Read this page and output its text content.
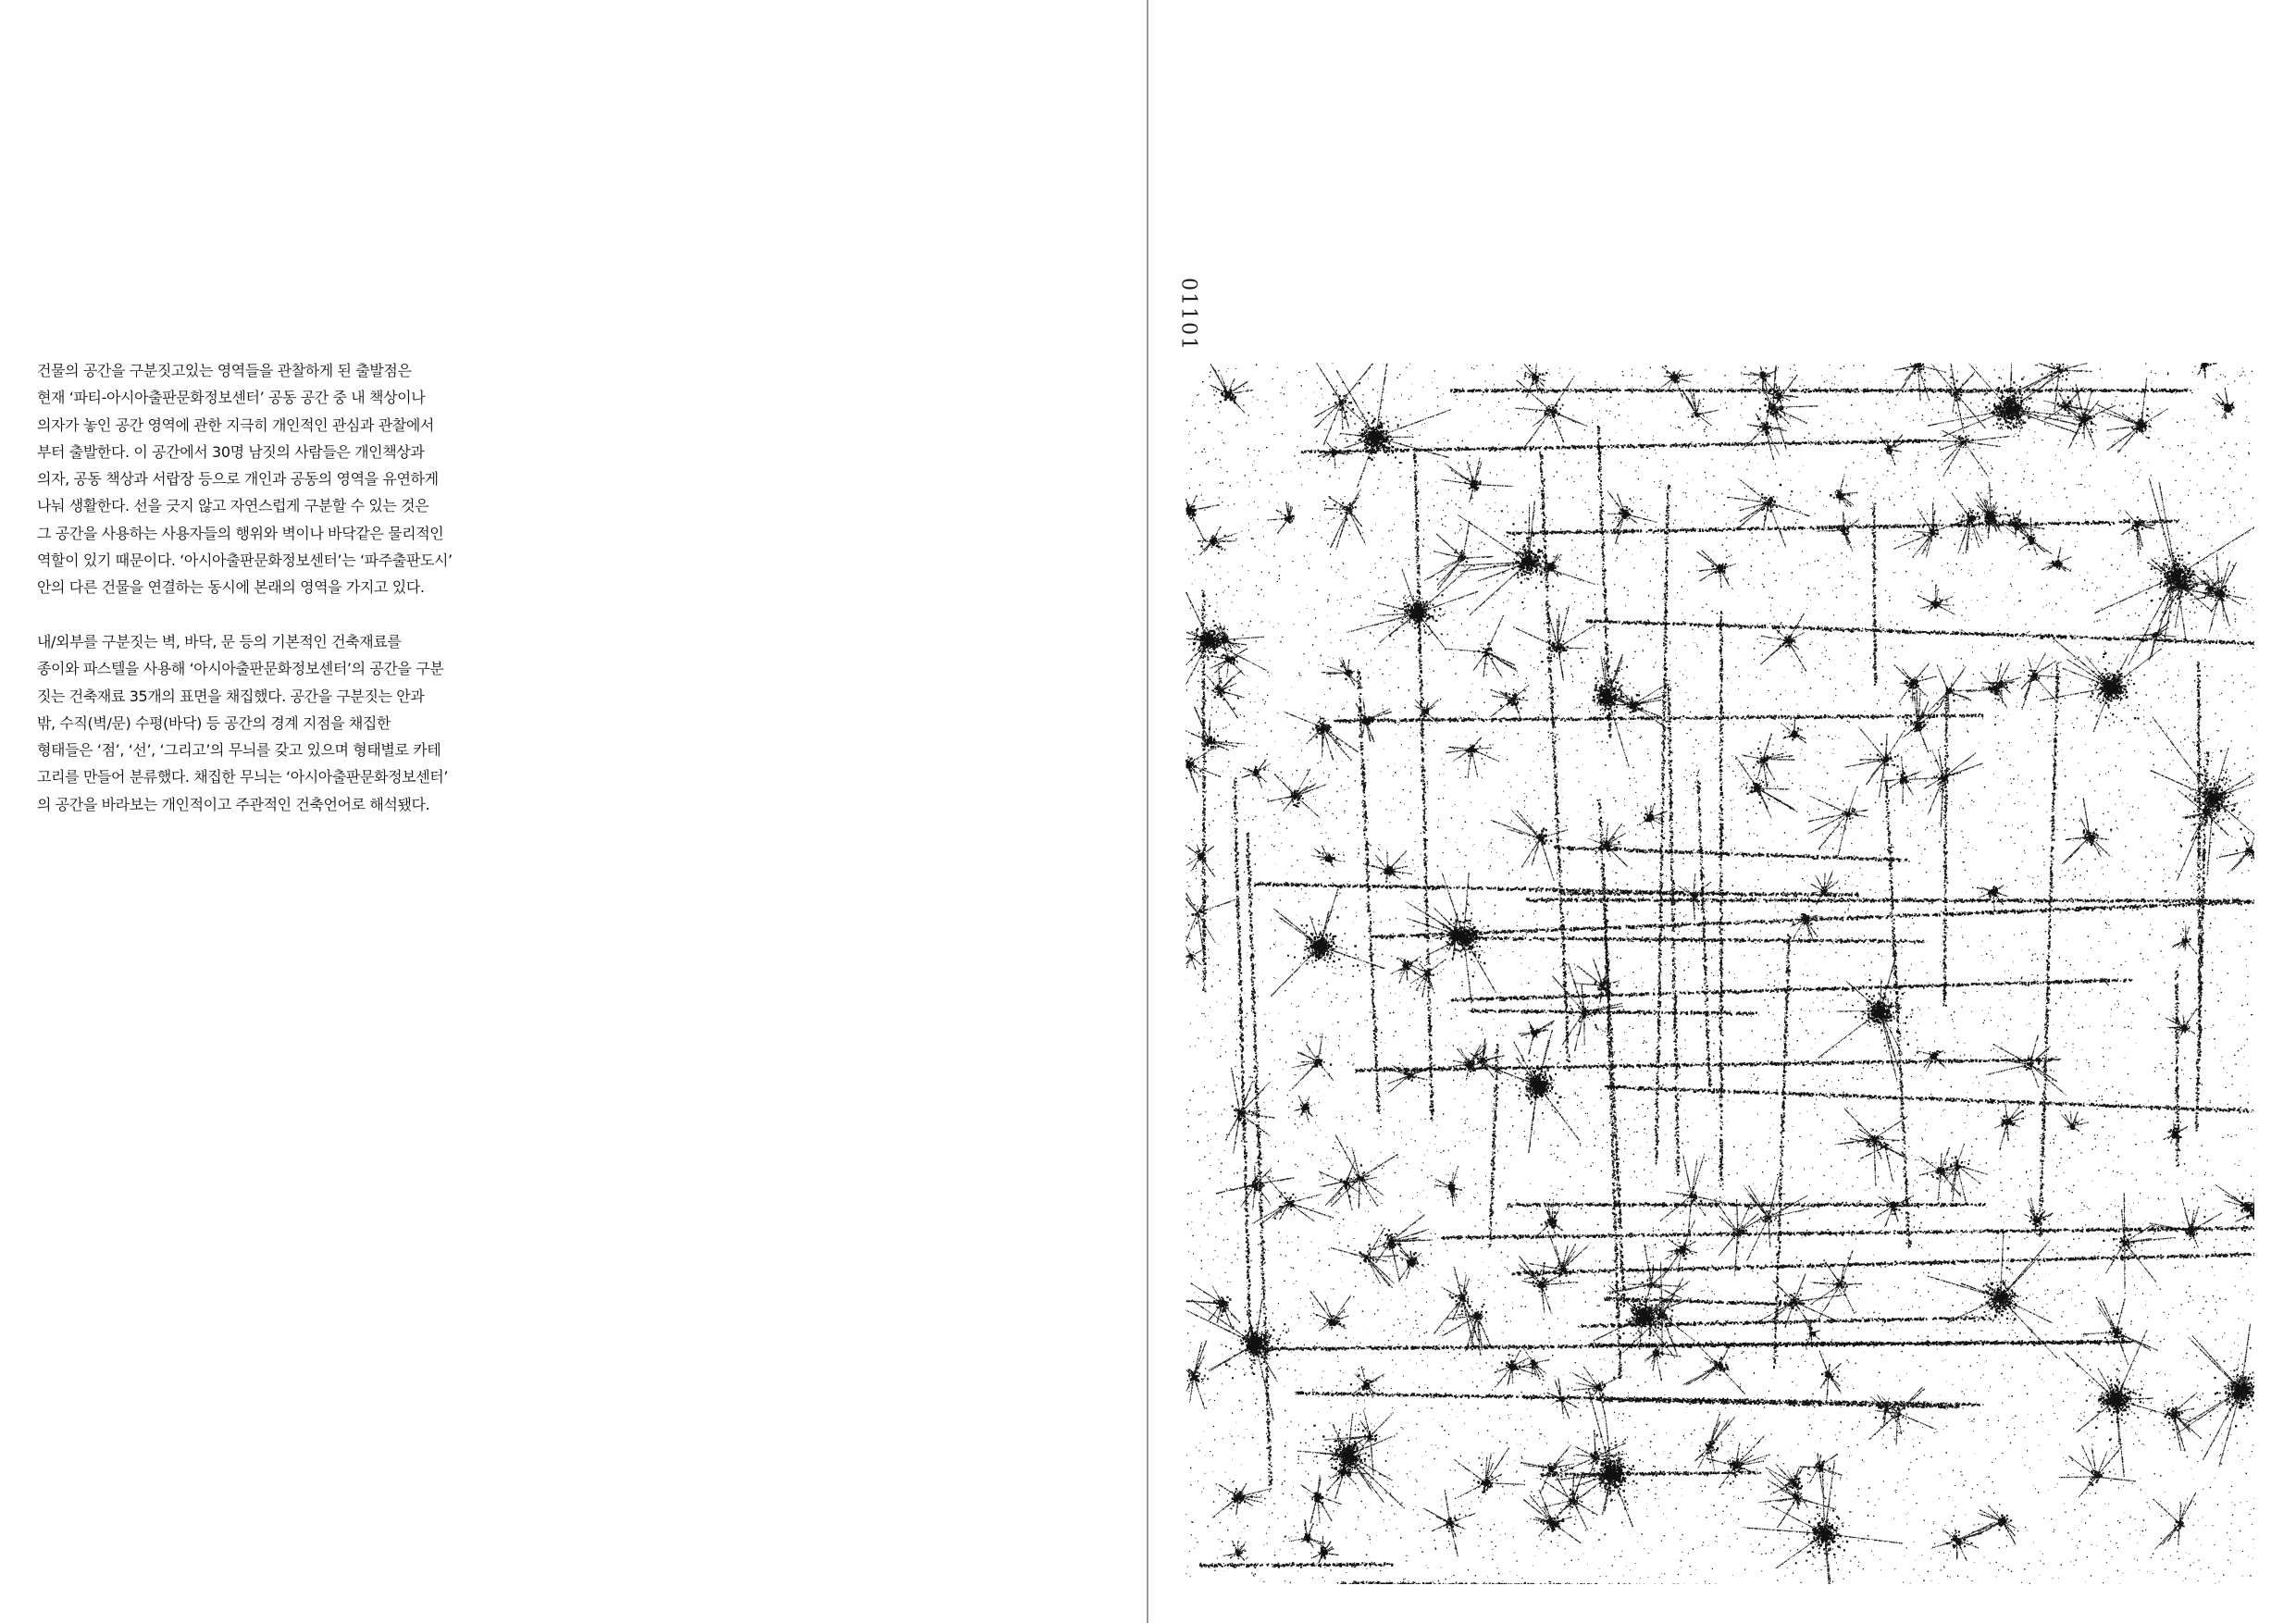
건물의 공간을 구분짓고있는 영역들을 관찰하게 된 출발점은
현재 ‘파티-아시아출판문화정보센터’ 공동 공간 중 내 책상이나
의자가 놓인 공간 영역에 관한 지극히 개인적인 관심과 관찰에서
부터 출발한다. 이 공간에서 30명 남짓의 사람들은 개인책상과
의자, 공동 책상과 서랍장 등으로 개인과 공동의 영역을 유연하게
나눠 생활한다. 선을 긋지 않고 자연스럽게 구분할 수 있는 것은
그 공간을 사용하는 사용자들의 행위와 벽이나 바닥같은 물리적인
역할이 있기 때문이다. ‘아시아출판문화정보센터’는 ‘파주출판도시’
안의 다른 건물을 연결하는 동시에 본래의 영역을 가지고 있다.

내/외부를 구분짓는 벽, 바닥, 문 등의 기본적인 건축재료를
종이와 파스텔을 사용해 ‘아시아출판문화정보센터’의 공간을 구분
짓는 건축재료 35개의 표면을 채집했다. 공간을 구분짓는 안과
밖, 수직(벽/문) 수평(바닥) 등 공간의 경계 지점을 채집한
형태들은 ‘점’, ‘선’, ‘그리고’의 무늬를 갖고 있으며 형태별로 카테
고리를 만들어 분류했다. 채집한 무늬는 ‘아시아출판문화정보센터’
의 공간을 바라보는 개인적이고 주관적인 건축언어로 해석됐다.

01101
